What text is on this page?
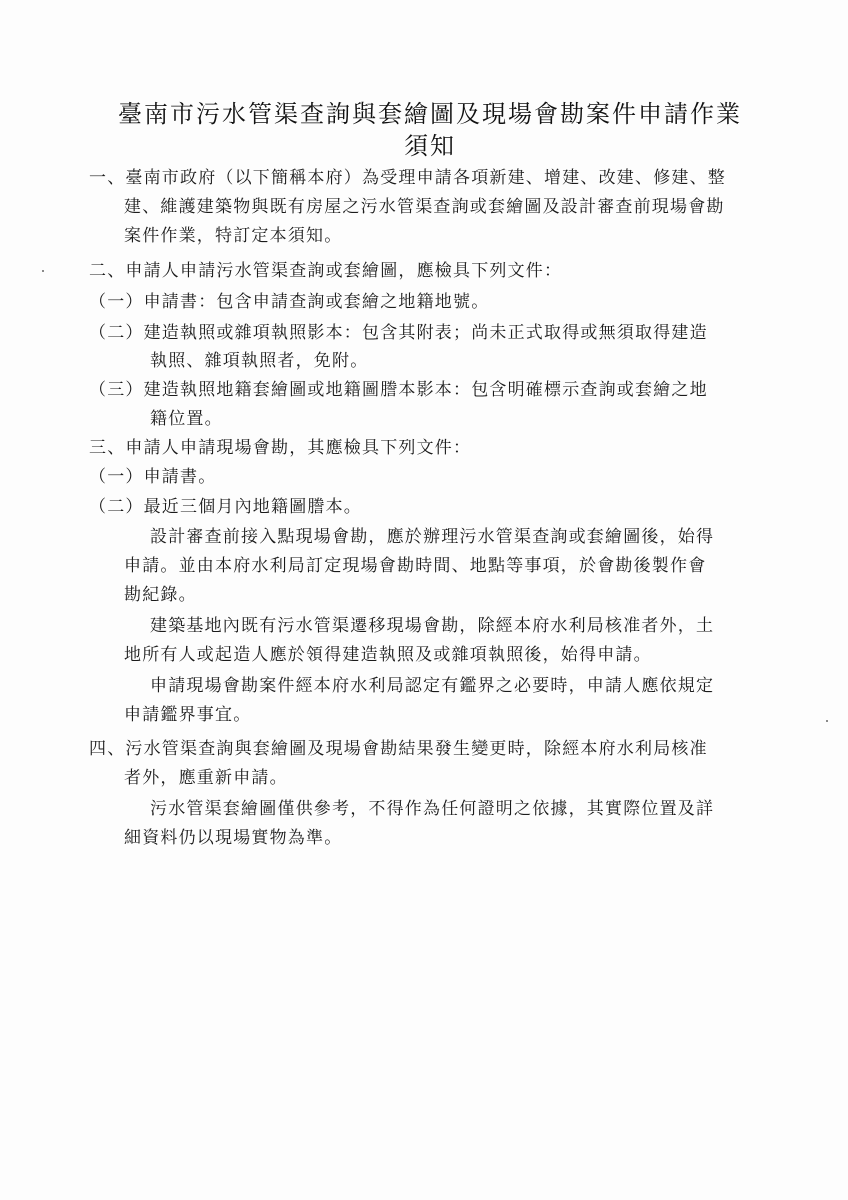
臺南市污水管渠查詢與套繪圖及現場會勘案件申請作業
須知
一、臺南市政府（以下簡稱本府）為受理申請各項新建、增建、改建、修建、整
建、維護建築物與既有房屋之污水管渠查詢或套繪圖及設計審查前現場會勘
案件作業，特訂定本須知。
二、申請人申請污水管渠查詢或套繪圖，應檢具下列文件：
（一）申請書：包含申請查詢或套繪之地籍地號。
（二）建造執照或雜項執照影本：包含其附表；尚未正式取得或無須取得建造
執照、雜項執照者，免附。
（三）建造執照地籍套繪圖或地籍圖謄本影本：包含明確標示查詢或套繪之地
籍位置。
三、申請人申請現場會勘，其應檢具下列文件：
（一）申請書。
（二）最近三個月內地籍圖謄本。
設計審查前接入點現場會勘，應於辦理污水管渠查詢或套繪圖後，始得
申請。並由本府水利局訂定現場會勘時間、地點等事項，於會勘後製作會
勘紀錄。
建築基地內既有污水管渠遷移現場會勘，除經本府水利局核准者外，土
地所有人或起造人應於領得建造執照及或雜項執照後，始得申請。
申請現場會勘案件經本府水利局認定有鑑界之必要時，申請人應依規定
申請鑑界事宜。
四、污水管渠查詢與套繪圖及現場會勘結果發生變更時，除經本府水利局核准
者外，應重新申請。
污水管渠套繪圖僅供參考，不得作為任何證明之依據，其實際位置及詳
細資料仍以現場實物為準。
